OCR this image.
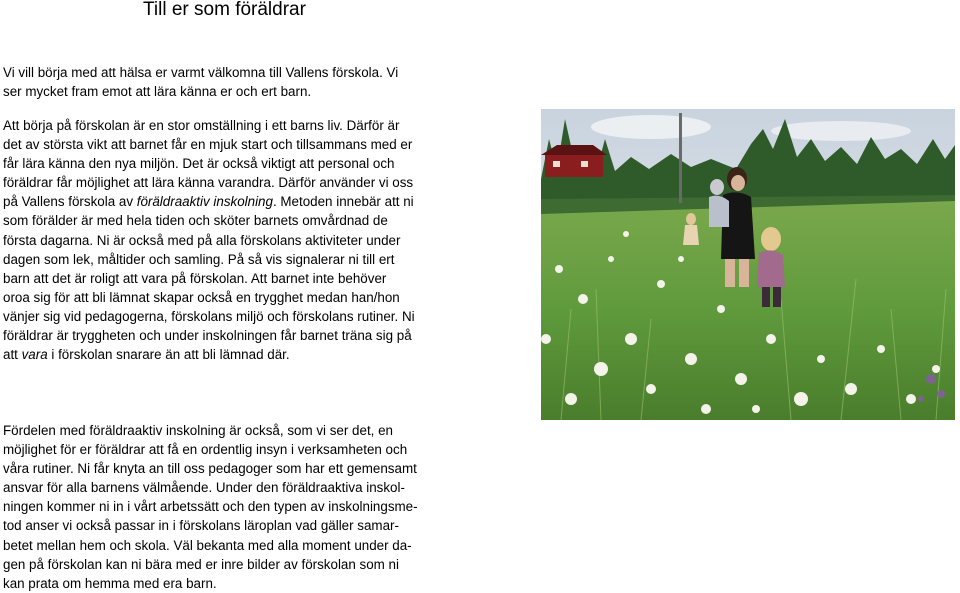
Till er som föräldrar
Vi vill börja med att hälsa er varmt välkomna till Vallens förskola. Vi
ser mycket fram emot att lära känna er och ert barn.
Att börja på förskolan är en stor omställning i ett barns liv. Därför är
det av största vikt att barnet får en mjuk start och tillsammans med er
får lära känna den nya miljön. Det är också viktigt att personal och
föräldrar får möjlighet att lära känna varandra. Därför använder vi oss
på Vallens förskola av föräldraaktiv inskolning. Metoden innebär att ni
som förälder är med hela tiden och sköter barnets omvårdnad de
första dagarna. Ni är också med på alla förskolans aktiviteter under
dagen som lek, måltider och samling. På så vis signalerar ni till ert
barn att det är roligt att vara på förskolan. Att barnet inte behöver
oroa sig för att bli lämnat skapar också en trygghet medan han/hon
vänjer sig vid pedagogerna, förskolans miljö och förskolans rutiner. Ni
föräldrar är tryggheten och under inskolningen får barnet träna sig på
att vara i förskolan snarare än att bli lämnad där.
Fördelen med föräldraaktiv inskolning är också, som vi ser det, en
möjlighet för er föräldrar att få en ordentlig insyn i verksamheten och
våra rutiner. Ni får knyta an till oss pedagoger som har ett gemensamt
ansvar för alla barnens välmående. Under den föräldraaktiva inskol-
ningen kommer ni in i vårt arbetssätt och den typen av inskolningsme-
tod anser vi också passar in i förskolans läroplan vad gäller samar-
betet mellan hem och skola. Väl bekanta med alla moment under da-
gen på förskolan kan ni bära med er inre bilder av förskolan som ni
kan prata om hemma med era barn.
